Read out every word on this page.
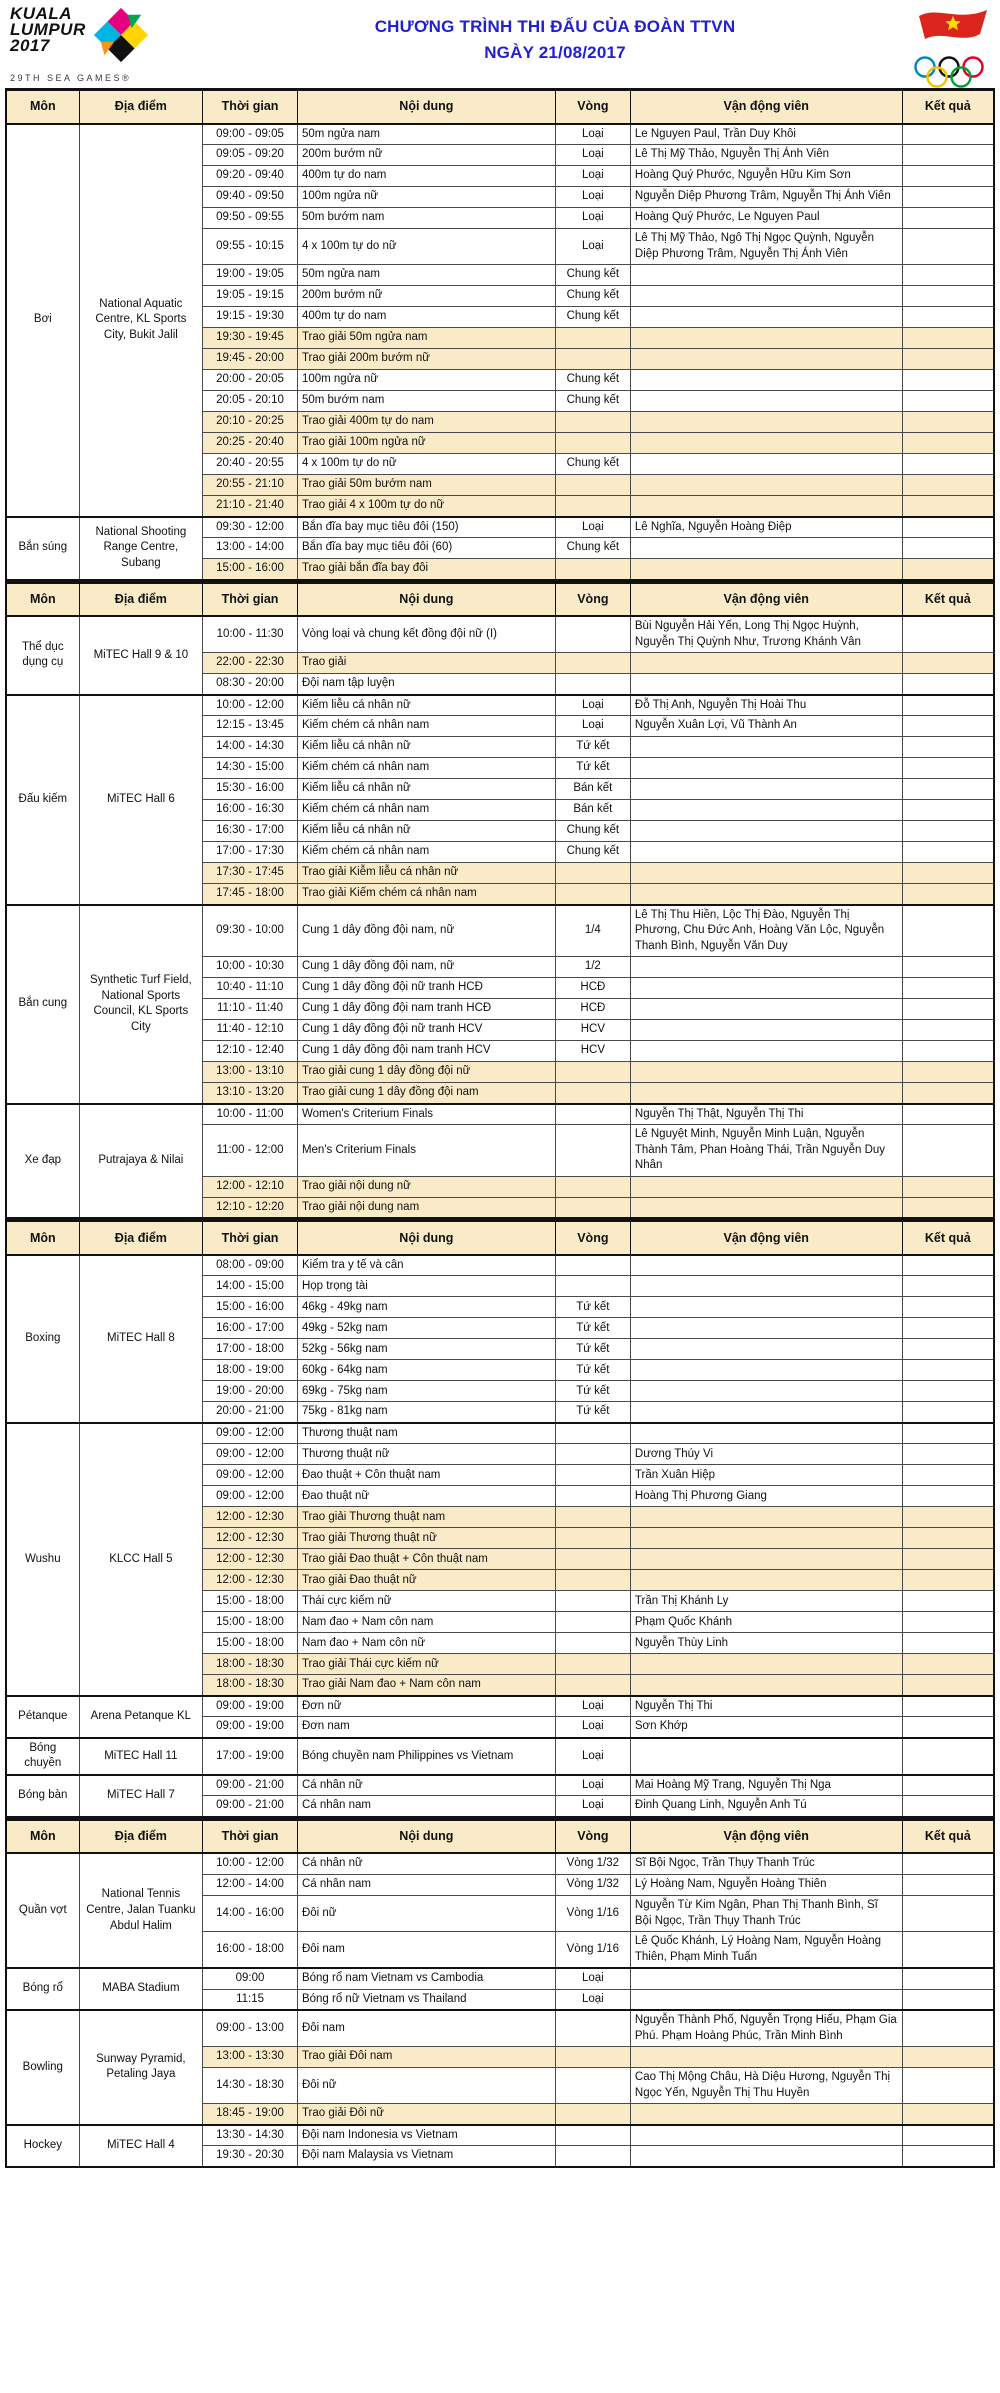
KUALA
LUMPUR
2017
29TH SEA GAMES®
CHƯƠNG TRÌNH THI ĐẤU CỦA ĐOÀN TTVN
NGÀY 21/08/2017
Môn	Địa điểm	Thời gian	Nội dung	Vòng	Vận động viên	Kết quả
Bơi	National Aquatic Centre, KL Sports City, Bukit Jalil	09:00 - 09:05	50m ngửa nam	Loại	Le Nguyen Paul, Trần Duy Khôi	
		09:05 - 09:20	200m bướm nữ	Loại	Lê Thị Mỹ Thảo, Nguyễn Thị Ánh Viên	
		09:20 - 09:40	400m tự do nam	Loại	Hoàng Quý Phước, Nguyễn Hữu Kim Sơn	
		09:40 - 09:50	100m ngửa nữ	Loại	Nguyễn Diệp Phương Trâm, Nguyễn Thị Ánh Viên	
		09:50 - 09:55	50m bướm nam	Loại	Hoàng Quý Phước, Le Nguyen Paul	
		09:55 - 10:15	4 x 100m tự do nữ	Loại	Lê Thị Mỹ Thảo, Ngô Thị Ngọc Quỳnh, Nguyễn Diệp Phương Trâm, Nguyễn Thị Ánh Viên	
		19:00 - 19:05	50m ngửa nam	Chung kết		
		19:05 - 19:15	200m bướm nữ	Chung kết		
		19:15 - 19:30	400m tự do nam	Chung kết		
		19:30 - 19:45	Trao giải 50m ngửa nam			
		19:45 - 20:00	Trao giải 200m bướm nữ			
		20:00 - 20:05	100m ngửa nữ	Chung kết		
		20:05 - 20:10	50m bướm nam	Chung kết		
		20:10 - 20:25	Trao giải 400m tự do nam			
		20:25 - 20:40	Trao giải 100m ngửa nữ			
		20:40 - 20:55	4 x 100m tự do nữ	Chung kết		
		20:55 - 21:10	Trao giải 50m bướm nam			
		21:10 - 21:40	Trao giải 4 x 100m tự do nữ			
Bắn súng	National Shooting Range Centre, Subang	09:30 - 12:00	Bắn đĩa bay mục tiêu đôi (150)	Loại	Lê Nghĩa, Nguyễn Hoàng Điệp	
		13:00 - 14:00	Bắn đĩa bay mục tiêu đôi (60)	Chung kết		
		15:00 - 16:00	Trao giải bắn đĩa bay đôi			
Môn	Địa điểm	Thời gian	Nội dung	Vòng	Vận động viên	Kết quả
Thể dục dụng cụ	MiTEC Hall 9 & 10	10:00 - 11:30	Vòng loại và chung kết đồng đội nữ (I)		Bùi Nguyễn Hải Yến, Long Thị Ngọc Huỳnh, Nguyễn Thị Quỳnh Như, Trương Khánh Vân	
		22:00 - 22:30	Trao giải			
		08:30 - 20:00	Đội nam tập luyện			
Đấu kiếm	MiTEC Hall 6	10:00 - 12:00	Kiếm liễu cá nhân nữ	Loại	Đỗ Thị Anh, Nguyễn Thị Hoài Thu	
		12:15 - 13:45	Kiếm chém cá nhân nam	Loại	Nguyễn Xuân Lợi, Vũ Thành An	
		14:00 - 14:30	Kiếm liễu cá nhân nữ	Tứ kết		
		14:30 - 15:00	Kiếm chém cá nhân nam	Tứ kết		
		15:30 - 16:00	Kiếm liễu cá nhân nữ	Bán kết		
		16:00 - 16:30	Kiếm chém cá nhân nam	Bán kết		
		16:30 - 17:00	Kiếm liễu cá nhân nữ	Chung kết		
		17:00 - 17:30	Kiếm chém cá nhân nam	Chung kết		
		17:30 - 17:45	Trao giải Kiễm liễu cá nhân nữ			
		17:45 - 18:00	Trao giải Kiếm chém cá nhân nam			
Bắn cung	Synthetic Turf Field, National Sports Council, KL Sports City	09:30 - 10:00	Cung 1 dây đồng đội nam, nữ	1/4	Lê Thị Thu Hiền, Lộc Thị Đào, Nguyễn Thị Phương, Chu Đức Anh, Hoàng Văn Lộc, Nguyễn Thanh Bình, Nguyễn Văn Duy	
		10:00 - 10:30	Cung 1 dây đồng đội nam, nữ	1/2		
		10:40 - 11:10	Cung 1 dây đồng đội nữ tranh HCĐ	HCĐ		
		11:10 - 11:40	Cung 1 dây đồng đội nam tranh HCĐ	HCĐ		
		11:40 - 12:10	Cung 1 dây đồng đội nữ tranh HCV	HCV		
		12:10 - 12:40	Cung 1 dây đồng đội nam tranh HCV	HCV		
		13:00 - 13:10	Trao giải cung 1 dây đồng đội nữ			
		13:10 - 13:20	Trao giải cung 1 dây đồng đội nam			
Xe đạp	Putrajaya & Nilai	10:00 - 11:00	Women's Criterium Finals		Nguyễn Thị Thật, Nguyễn Thị Thi	
		11:00 - 12:00	Men's Criterium Finals		Lê Nguyệt Minh, Nguyễn Minh Luận, Nguyễn Thành Tâm, Phan Hoàng Thái, Trần Nguyễn Duy Nhân	
		12:00 - 12:10	Trao giải nội dung nữ			
		12:10 - 12:20	Trao giải nội dung nam			
Môn	Địa điểm	Thời gian	Nội dung	Vòng	Vận động viên	Kết quả
Boxing	MiTEC Hall 8	08:00 - 09:00	Kiểm tra y tế và cân			
		14:00 - 15:00	Họp trọng tài			
		15:00 - 16:00	46kg - 49kg nam	Tứ kết		
		16:00 - 17:00	49kg - 52kg nam	Tứ kết		
		17:00 - 18:00	52kg - 56kg nam	Tứ kết		
		18:00 - 19:00	60kg - 64kg nam	Tứ kết		
		19:00 - 20:00	69kg - 75kg nam	Tứ kết		
		20:00 - 21:00	75kg - 81kg nam	Tứ kết		
Wushu	KLCC Hall 5	09:00 - 12:00	Thương thuật nam			
		09:00 - 12:00	Thương thuật nữ		Dương Thúy Vi	
		09:00 - 12:00	Đao thuật + Côn thuật nam		Trần Xuân Hiệp	
		09:00 - 12:00	Đao thuật nữ		Hoàng Thị Phương Giang	
		12:00 - 12:30	Trao giải Thương thuật nam			
		12:00 - 12:30	Trao giải Thương thuật nữ			
		12:00 - 12:30	Trao giải Đao thuật + Côn thuật nam			
		12:00 - 12:30	Trao giải Đao thuật nữ			
		15:00 - 18:00	Thái cực kiếm nữ		Trần Thị Khánh Ly	
		15:00 - 18:00	Nam đao + Nam côn nam		Phạm Quốc Khánh	
		15:00 - 18:00	Nam đao + Nam côn nữ		Nguyễn Thùy Linh	
		18:00 - 18:30	Trao giải Thái cực kiếm nữ			
		18:00 - 18:30	Trao giải Nam đao + Nam côn nam			
Pétanque	Arena Petanque KL	09:00 - 19:00	Đơn nữ	Loại	Nguyễn Thị Thi	
		09:00 - 19:00	Đơn nam	Loại	Sơn Khớp	
Bóng chuyền	MiTEC Hall 11	17:00 - 19:00	Bóng chuyền nam Philippines vs Vietnam	Loại		
Bóng bàn	MiTEC Hall 7	09:00 - 21:00	Cá nhân nữ	Loại	Mai Hoàng Mỹ Trang, Nguyễn Thị Nga	
		09:00 - 21:00	Cá nhân nam	Loại	Đinh Quang Linh, Nguyễn Anh Tú	
Môn	Địa điểm	Thời gian	Nội dung	Vòng	Vận động viên	Kết quả
Quần vợt	National Tennis Centre, Jalan Tuanku Abdul Halim	10:00 - 12:00	Cá nhân nữ	Vòng 1/32	Sĩ Bội Ngọc, Trần Thụy Thanh Trúc	
		12:00 - 14:00	Cá nhân nam	Vòng 1/32	Lý Hoàng Nam, Nguyễn Hoàng Thiên	
		14:00 - 16:00	Đôi nữ	Vòng 1/16	Nguyễn Từ Kim Ngân, Phan Thị Thanh Bình, Sĩ Bội Ngọc, Trần Thụy Thanh Trúc	
		16:00 - 18:00	Đôi nam	Vòng 1/16	Lê Quốc Khánh, Lý Hoàng Nam, Nguyễn Hoàng Thiên, Phạm Minh Tuấn	
Bóng rổ	MABA Stadium	09:00	Bóng rổ nam Vietnam vs Cambodia	Loại		
		11:15	Bóng rổ nữ Vietnam vs Thailand	Loại		
Bowling	Sunway Pyramid, Petaling Jaya	09:00 - 13:00	Đôi nam		Nguyễn Thành Phố, Nguyễn Trọng Hiếu, Phạm Gia Phú. Phạm Hoàng Phúc, Trần Minh Bình	
		13:00 - 13:30	Trao giải Đôi nam			
		14:30 - 18:30	Đôi nữ		Cao Thị Mộng Châu, Hà Diệu Hương, Nguyễn Thị Ngọc Yến, Nguyễn Thị Thu Huyền	
		18:45 - 19:00	Trao giải Đôi nữ			
Hockey	MiTEC Hall 4	13:30 - 14:30	Đội nam Indonesia vs Vietnam			
		19:30 - 20:30	Đội nam Malaysia vs Vietnam			
